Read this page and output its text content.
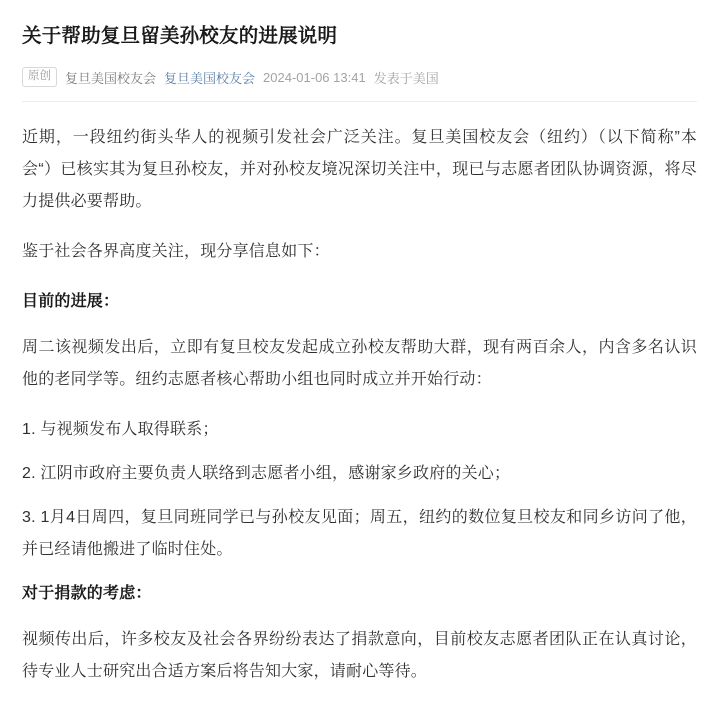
关于帮助复旦留美孙校友的进展说明
原创	复旦美国校友会 复旦美国校友会 2024-01-06 13:41 发表于美国

近期，一段纽约街头华人的视频引发社会广泛关注。复旦美国校友会（纽约）（以下简称”本会“）已核实其为复旦孙校友，并对孙校友境况深切关注中，现已与志愿者团队协调资源，将尽力提供必要帮助。

鉴于社会各界高度关注，现分享信息如下：

目前的进展：

周二该视频发出后，立即有复旦校友发起成立孙校友帮助大群，现有两百余人，内含多名认识他的老同学等。纽约志愿者核心帮助小组也同时成立并开始行动：

1. 与视频发布人取得联系；

2. 江阴市政府主要负责人联络到志愿者小组，感谢家乡政府的关心；

3. 1月4日周四，复旦同班同学已与孙校友见面；周五，纽约的数位复旦校友和同乡访问了他，并已经请他搬进了临时住处。

对于捐款的考虑：

视频传出后，许多校友及社会各界纷纷表达了捐款意向，目前校友志愿者团队正在认真讨论，待专业人士研究出合适方案后将告知大家，请耐心等待。
